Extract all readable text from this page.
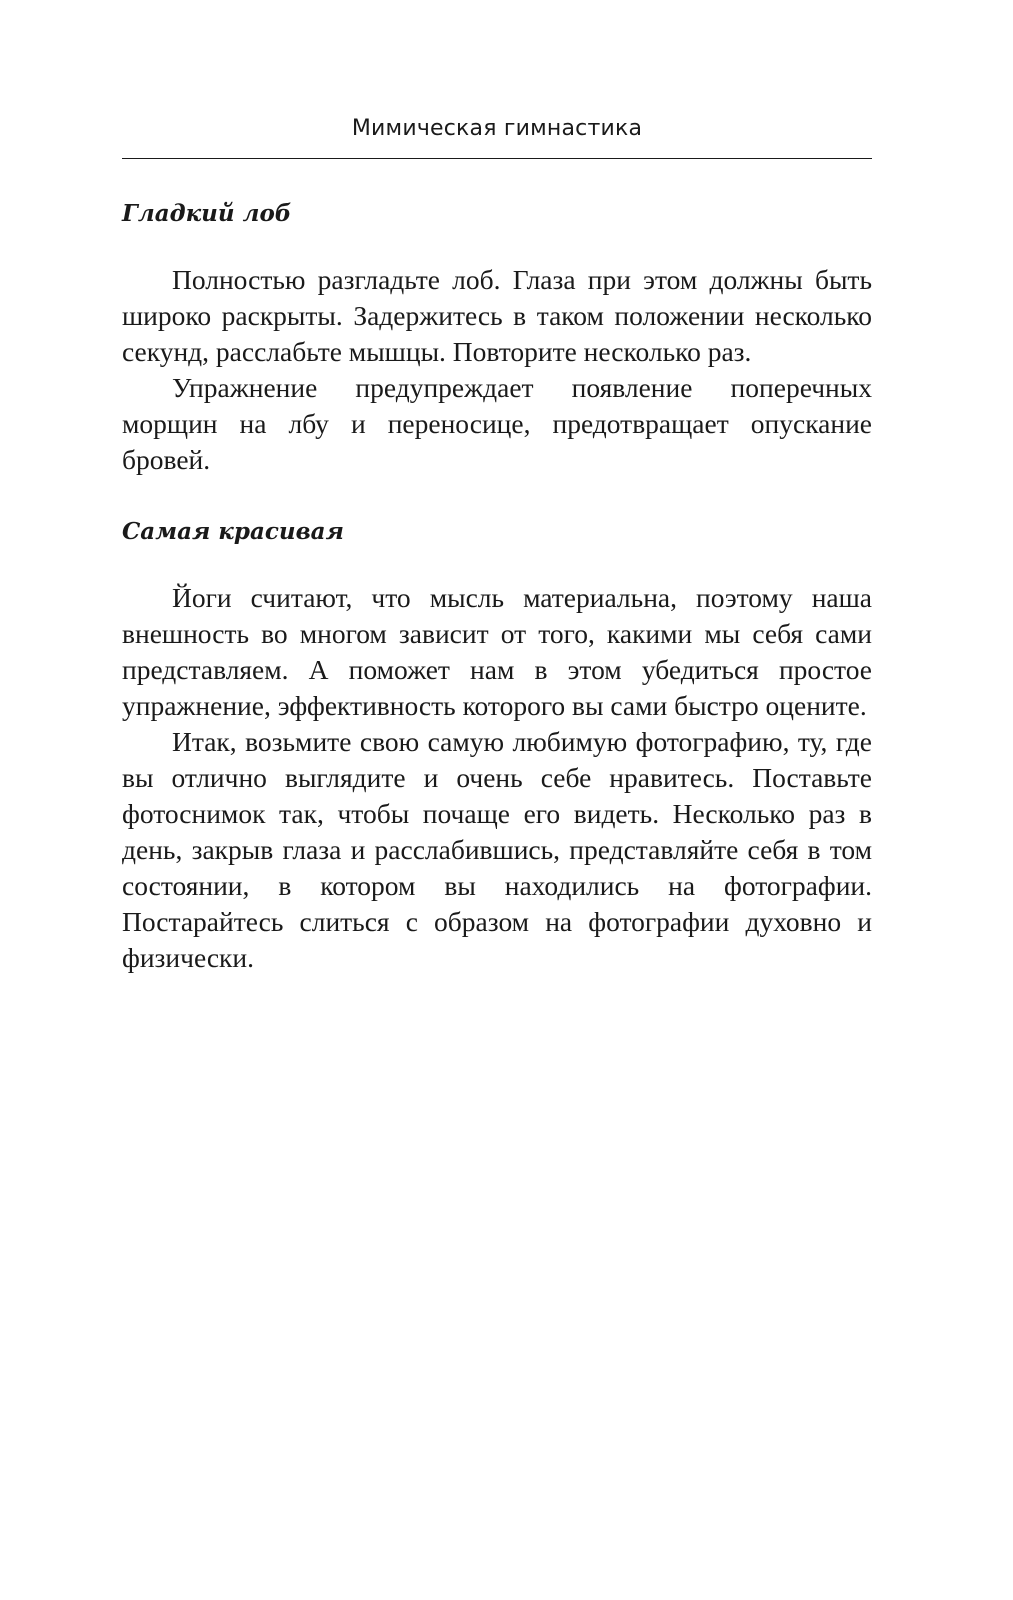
Мимическая гимнастика
Гладкий лоб

Полностью разгладьте лоб. Глаза при этом должны быть широко раскрыты. Задержитесь в таком положении несколько секунд, расслабьте мышцы. Повторите несколько раз.

Упражнение предупреждает появление поперечных морщин на лбу и переносице, предотвращает опускание бровей.

Самая красивая

Йоги считают, что мысль материальна, поэтому наша внешность во многом зависит от того, какими мы себя сами представляем. А поможет нам в этом убедиться простое упражнение, эффективность которого вы сами быстро оцените.

Итак, возьмите свою самую любимую фотографию, ту, где вы отлично выглядите и очень себе нравитесь. Поставьте фотоснимок так, чтобы почаще его видеть. Несколько раз в день, закрыв глаза и расслабившись, представляйте себя в том состоянии, в котором вы находились на фотографии. Постарайтесь слиться с образом на фотографии духовно и физически.
